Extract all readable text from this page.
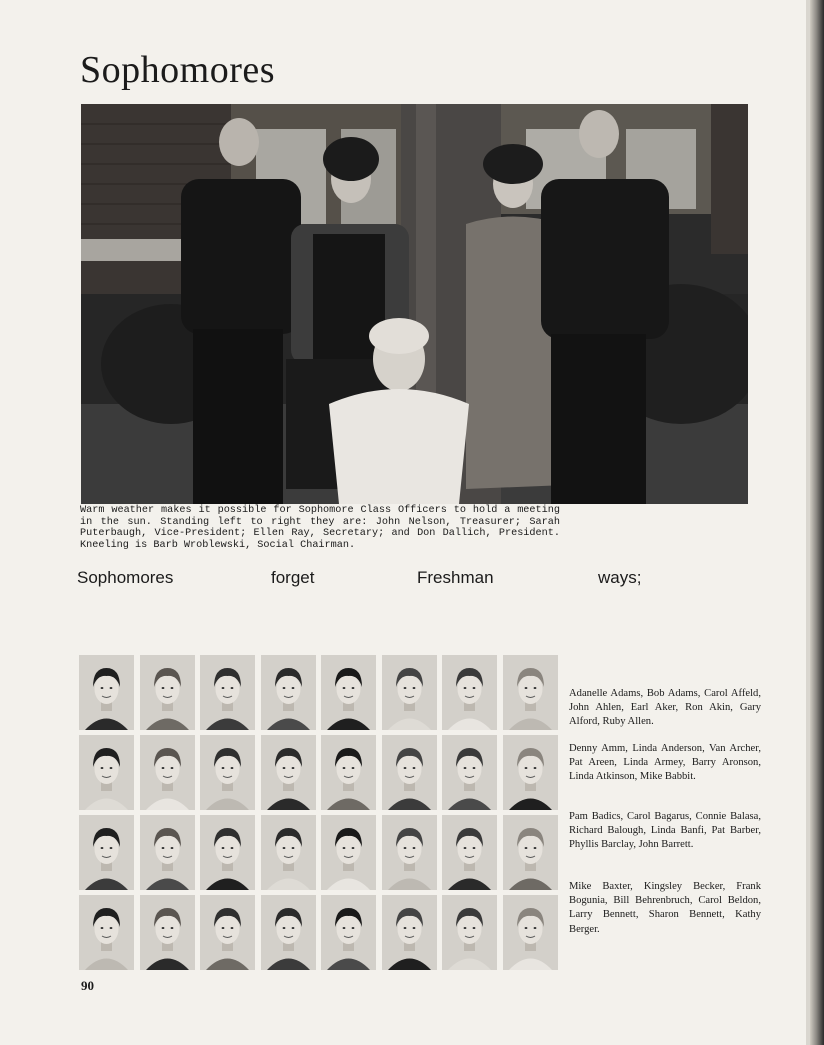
Sophomores

Warm weather makes it possible for Sophomore Class Officers to hold a meeting in the sun. Standing left to right they are: John Nelson, Treasurer; Sarah Puterbaugh, Vice-President; Ellen Ray, Secretary; and Don Dallich, President. Kneeling is Barb Wroblewski, Social Chairman.

Sophomores	forget	Freshman	ways;

Adanelle Adams, Bob Adams, Carol Affeld, John Ahlen, Earl Aker, Ron Akin, Gary Alford, Ruby Allen.

Denny Amm, Linda Anderson, Van Archer, Pat Areen, Linda Armey, Barry Aronson, Linda Atkinson, Mike Babbit.

Pam Badics, Carol Bagarus, Connie Balasa, Richard Balough, Linda Banfi, Pat Barber, Phyllis Barclay, John Barrett.

Mike Baxter, Kingsley Becker, Frank Bogunia, Bill Behrenbruch, Carol Beldon, Larry Bennett, Sharon Bennett, Kathy Berger.

90
